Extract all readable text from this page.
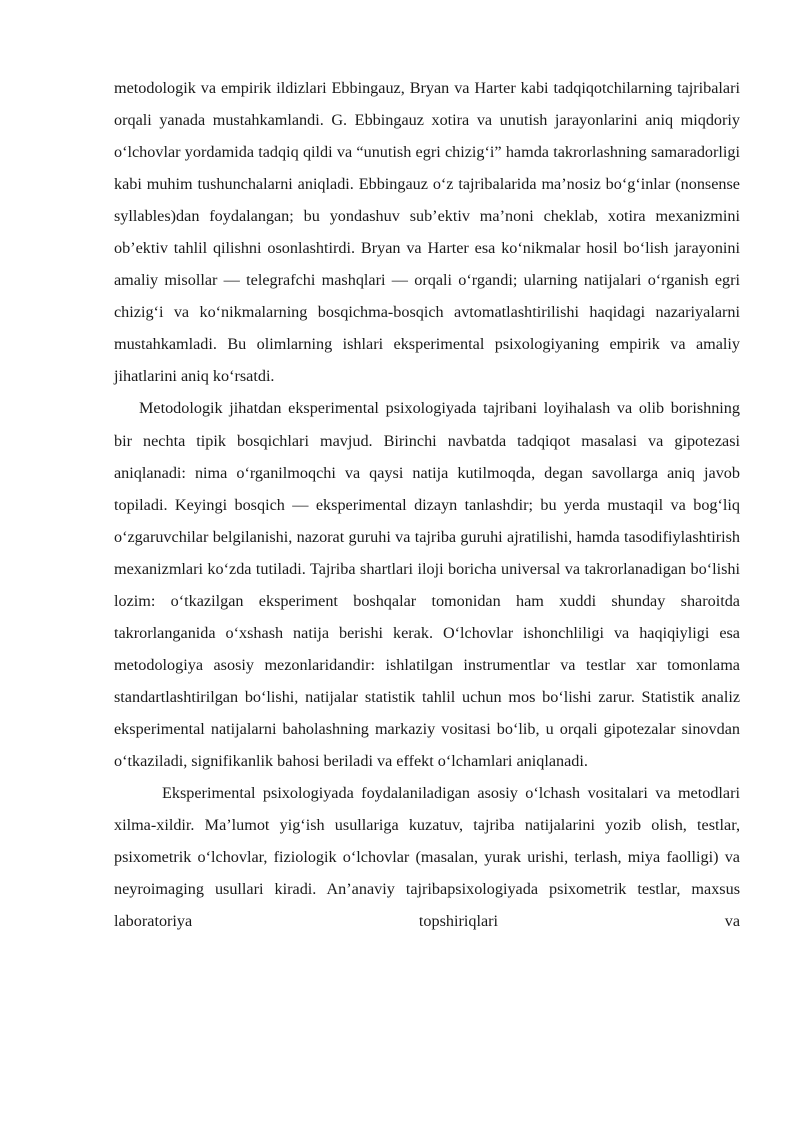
metodologik va empirik ildizlari Ebbingauz, Bryan va Harter kabi tadqiqotchilarning tajribalari orqali yanada mustahkamlandi. G. Ebbingauz xotira va unutish jarayonlarini aniq miqdoriy o‘lchovlar yordamida tadqiq qildi va “unutish egri chizig‘i” hamda takrorlashning samaradorligi kabi muhim tushunchalarni aniqladi. Ebbingauz o‘z tajribalarida ma’nosiz bo‘g‘inlar (nonsense syllables)dan foydalangan; bu yondashuv sub’ektiv ma’noni cheklab, xotira mexanizmini ob’ektiv tahlil qilishni osonlashtirdi. Bryan va Harter esa ko‘nikmalar hosil bo‘lish jarayonini amaliy misollar — telegrafchi mashqlari — orqali o‘rgandi; ularning natijalari o‘rganish egri chizig‘i va ko‘nikmalarning bosqichma-bosqich avtomatlashtirilishi haqidagi nazariyalarni mustahkamladi. Bu olimlarning ishlari eksperimental psixologiyaning empirik va amaliy jihatlarini aniq ko‘rsatdi.

Metodologik jihatdan eksperimental psixologiyada tajribani loyihalash va olib borishning bir nechta tipik bosqichlari mavjud. Birinchi navbatda tadqiqot masalasi va gipotezasi aniqlanadi: nima o‘rganilmoqchi va qaysi natija kutilmoqda, degan savollarga aniq javob topiladi. Keyingi bosqich — eksperimental dizayn tanlashdir; bu yerda mustaqil va bog‘liq o‘zgaruvchilar belgilanishi, nazorat guruhi va tajriba guruhi ajratilishi, hamda tasodifiylashtirish mexanizmlari ko‘zda tutiladi. Tajriba shartlari iloji boricha universal va takrorlanadigan bo‘lishi lozim: o‘tkazilgan eksperiment boshqalar tomonidan ham xuddi shunday sharoitda takrorlanganida o‘xshash natija berishi kerak. O‘lchovlar ishonchliligi va haqiqiyligi esa metodologiya asosiy mezonlaridandir: ishlatilgan instrumentlar va testlar xar tomonlama standartlashtirilgan bo‘lishi, natijalar statistik tahlil uchun mos bo‘lishi zarur. Statistik analiz eksperimental natijalarni baholashning markaziy vositasi bo‘lib, u orqali gipotezalar sinovdan o‘tkaziladi, signifikanlik bahosi beriladi va effekt o‘lchamlari aniqlanadi.

Eksperimental psixologiyada foydalaniladigan asosiy o‘lchash vositalari va metodlari xilma-xildir. Ma’lumot yig‘ish usullariga kuzatuv, tajriba natijalarini yozib olish, testlar, psixometrik o‘lchovlar, fiziologik o‘lchovlar (masalan, yurak urishi, terlash, miya faolligi) va neyroimaging usullari kiradi. An’anaviy tajribapsixologiyada psixometrik testlar, maxsus laboratoriya topshiriqlari va
